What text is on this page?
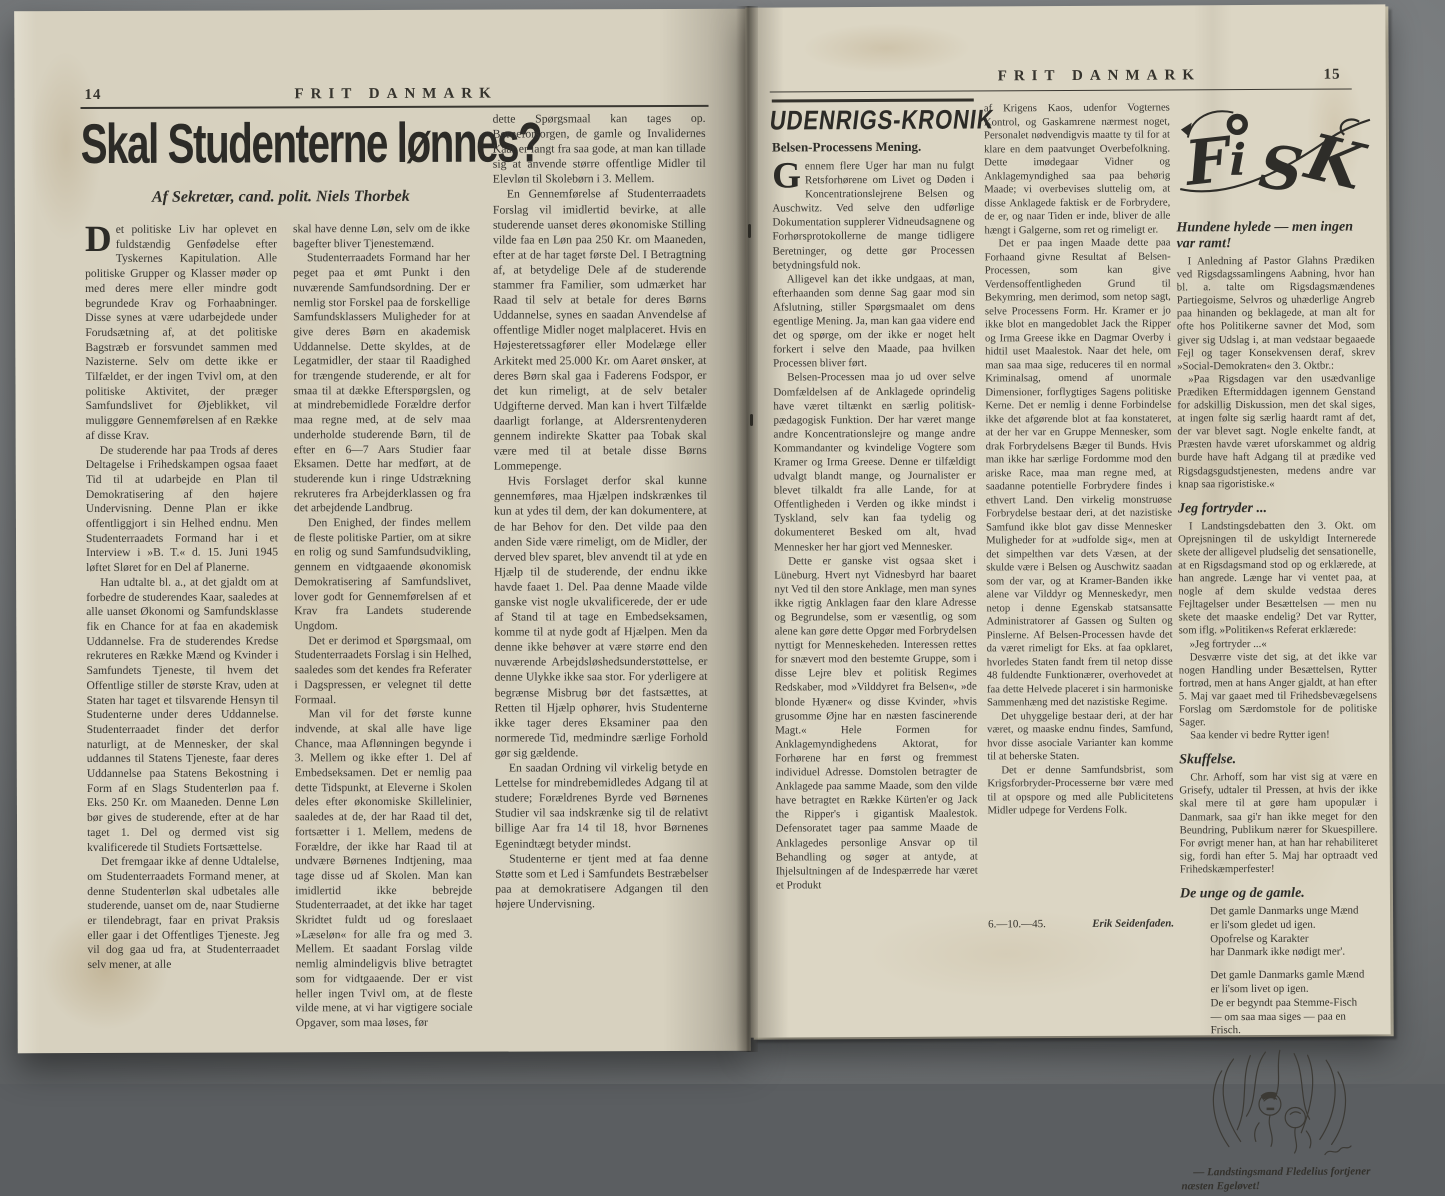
14	FRIT DANMARK
Skal Studenterne lønnes?
Af Sekretær, cand. polit. Niels Thorbek

Det politiske Liv har oplevet en fuldstændig Genfødelse efter Tyskernes Kapitulation. Alle politiske Grupper og Klasser møder op med deres mere eller mindre godt begrundede Krav og Forhaabninger. Disse synes at være udarbejdede under Forudsætning af, at det politiske Bagstræb er forsvundet sammen med Nazisterne. Selv om dette ikke er Tilfældet, er der ingen Tvivl om, at den politiske Aktivitet, der præger Samfundslivet for Øjeblikket, vil muliggøre Gennemførelsen af en Række af disse Krav.

De studerende har paa Trods af deres Deltagelse i Frihedskampen ogsaa faaet Tid til at udarbejde en Plan til Demokratisering af den højere Undervisning. Denne Plan er ikke offentliggjort i sin Helhed endnu. Men Studenterraadets Formand har i et Interview i »B. T.« d. 15. Juni 1945 løftet Sløret for en Del af Planerne.

Han udtalte bl. a., at det gjaldt om at forbedre de studerendes Kaar, saaledes at alle uanset Økonomi og Samfundsklasse fik en Chance for at faa en akademisk Uddannelse. Fra de studerendes Kredse rekruteres en Række Mænd og Kvinder i Samfundets Tjeneste, til hvem det Offentlige stiller de største Krav, uden at Staten har taget et tilsvarende Hensyn til Studenterne under deres Uddannelse. Studenterraadet finder det derfor naturligt, at de Mennesker, der skal uddannes til Statens Tjeneste, faar deres Uddannelse paa Statens Bekostning i Form af en Slags Studenterløn paa f. Eks. 250 Kr. om Maaneden. Denne Løn bør gives de studerende, efter at de har taget 1. Del og dermed vist sig kvalificerede til Studiets Fortsættelse.

Det fremgaar ikke af denne Udtalelse, om Studenterraadets Formand mener, at denne Studenterløn skal udbetales alle studerende, uanset om de, naar Studierne er tilendebragt, faar en privat Praksis eller gaar i det Offentliges Tjeneste. Jeg vil dog gaa ud fra, at Studenterraadet selv mener, at alle

skal have denne Løn, selv om de ikke bagefter bliver Tjenestemænd.

Studenterraadets Formand har her peget paa et ømt Punkt i den nuværende Samfundsordning. Der er nemlig stor Forskel paa de forskellige Samfundsklassers Muligheder for at give deres Børn en akademisk Uddannelse. Dette skyldes, at de Legatmidler, der staar til Raadighed for trængende studerende, er alt for smaa til at dække Efterspørgslen, og at mindrebemidlede Forældre derfor maa regne med, at de selv maa underholde studerende Børn, til de efter en 6—7 Aars Studier faar Eksamen. Dette har medført, at de studerende kun i ringe Udstrækning rekruteres fra Arbejderklassen og fra det arbejdende Landbrug.

Den Enighed, der findes mellem de fleste politiske Partier, om at sikre en rolig og sund Samfundsudvikling, gennem en vidtgaaende økonomisk Demokratisering af Samfundslivet, lover godt for Gennemførelsen af et Krav fra Landets studerende Ungdom.

Det er derimod et Spørgsmaal, om Studenterraadets Forslag i sin Helhed, saaledes som det kendes fra Referater i Dagspressen, er velegnet til dette Formaal.

Man vil for det første kunne indvende, at skal alle have lige Chance, maa Aflønningen begynde i 3. Mellem og ikke efter 1. Del af Embedseksamen. Det er nemlig paa dette Tidspunkt, at Eleverne i Skolen deles efter økonomiske Skillelinier, saaledes at de, der har Raad til det, fortsætter i 1. Mellem, medens de Forældre, der ikke har Raad til at undvære Børnenes Indtjening, maa tage disse ud af Skolen. Man kan imidlertid ikke bebrejde Studenterraadet, at det ikke har taget Skridtet fuldt ud og foreslaaet »Læseløn« for alle fra og med 3. Mellem. Et saadant Forslag vilde nemlig almindeligvis blive betragtet som for vidtgaaende. Der er vist heller ingen Tvivl om, at de fleste vilde mene, at vi har vigtigere sociale Opgaver, som maa løses, før

dette Spørgsmaal kan tages op. Børneforsorgen, de gamle og Invalidernes Kaar er langt fra saa gode, at man kan tillade sig at anvende større offentlige Midler til Elevløn til Skolebørn i 3. Mellem.

En Gennemførelse af Studenterraadets Forslag vil imidlertid bevirke, at alle studerende uanset deres økonomiske Stilling vilde faa en Løn paa 250 Kr. om Maaneden, efter at de har taget første Del. I Betragtning af, at betydelige Dele af de studerende stammer fra Familier, som udmærket har Raad til selv at betale for deres Børns Uddannelse, synes en saadan Anvendelse af offentlige Midler noget malplaceret. Hvis en Højesteretssagfører eller Modelæge eller Arkitekt med 25.000 Kr. om Aaret ønsker, at deres Børn skal gaa i Faderens Fodspor, er det kun rimeligt, at de selv betaler Udgifterne derved. Man kan i hvert Tilfælde daarligt forlange, at Aldersrentenyderen gennem indirekte Skatter paa Tobak skal være med til at betale disse Børns Lommepenge.

Hvis Forslaget derfor skal kunne gennemføres, maa Hjælpen indskrænkes til kun at ydes til dem, der kan dokumentere, at de har Behov for den. Det vilde paa den anden Side være rimeligt, om de Midler, der derved blev sparet, blev anvendt til at yde en Hjælp til de studerende, der endnu ikke havde faaet 1. Del. Paa denne Maade vilde ganske vist nogle ukvalificerede, der er ude af Stand til at tage en Embedseksamen, komme til at nyde godt af Hjælpen. Men da denne ikke behøver at være større end den nuværende Arbejdsløshedsunderstøttelse, er denne Ulykke ikke saa stor. For yderligere at begrænse Misbrug bør det fastsættes, at Retten til Hjælp ophører, hvis Studenterne ikke tager deres Eksaminer paa den normerede Tid, medmindre særlige Forhold gør sig gældende.

En saadan Ordning vil virkelig betyde en Lettelse for mindrebemidledes Adgang til at studere; Forældrenes Byrde ved Børnenes Studier vil saa indskrænke sig til de relativt billige Aar fra 14 til 18, hvor Børnenes Egenindtægt betyder mindst.

Studenterne er tjent med at faa denne Støtte som et Led i Samfundets Bestræbelser paa at demokratisere Adgangen til den højere Undervisning.

FRIT DANMARK	15
UDENRIGS-KRONIK
Belsen-Processens Mening.

Gennem flere Uger har man nu fulgt Retsforhørene om Livet og Døden i Koncentrationslejrene Belsen og Auschwitz. Ved selve den udførlige Dokumentation supplerer Vidneudsagnene og Forhørsprotokollerne de mange tidligere Beretninger, og dette gør Processen betydningsfuld nok.

Alligevel kan det ikke undgaas, at man, efterhaanden som denne Sag gaar mod sin Afslutning, stiller Spørgsmaalet om dens egentlige Mening. Ja, man kan gaa videre end det og spørge, om der ikke er noget helt forkert i selve den Maade, paa hvilken Processen bliver ført.

Belsen-Processen maa jo ud over selve Domfældelsen af de Anklagede oprindelig have været tiltænkt en særlig politisk-pædagogisk Funktion. Der har været mange andre Koncentrationslejre og mange andre Kommandanter og kvindelige Vogtere som Kramer og Irma Greese. Denne er tilfældigt udvalgt blandt mange, og Journalister er blevet tilkaldt fra alle Lande, for at Offentligheden i Verden og ikke mindst i Tyskland, selv kan faa tydelig og dokumenteret Besked om alt, hvad Mennesker her har gjort ved Mennesker.

Dette er ganske vist ogsaa sket i Lüneburg. Hvert nyt Vidnesbyrd har baaret nyt Ved til den store Anklage, men man synes ikke rigtig Anklagen faar den klare Adresse og Begrundelse, som er væsentlig, og som alene kan gøre dette Opgør med Forbrydelsen nyttigt for Menneskeheden. Interessen rettes for snævert mod den bestemte Gruppe, som i disse Lejre blev et politisk Regimes Redskaber, mod »Vilddyret fra Belsen«, »de blonde Hyæner« og disse Kvinder, »hvis grusomme Øjne har en næsten fascinerende Magt.« Hele Formen for Anklagemyndighedens Aktorat, for Forhørene har en først og fremmest individuel Adresse. Domstolen betragter de Anklagede paa samme Maade, som den vilde have betragtet en Række Kürten'er og Jack the Ripper's i gigantisk Maalestok. Defensoratet tager paa samme Maade de Anklagedes personlige Ansvar op til Behandling og søger at antyde, at Ihjelsultningen af de Indespærrede har været et Produkt

af Krigens Kaos, udenfor Vogternes Kontrol, og Gaskamrene nærmest noget, Personalet nødvendigvis maatte ty til for at klare en dem paatvunget Overbefolkning. Dette imødegaar Vidner og Anklagemyndighed saa paa behørig Maade; vi overbevises sluttelig om, at disse Anklagede faktisk er de Forbrydere, de er, og naar Tiden er inde, bliver de alle hængt i Galgerne, som ret og rimeligt er.

Det er paa ingen Maade dette paa Forhaand givne Resultat af Belsen-Processen, som kan give Verdensoffentligheden Grund til Bekymring, men derimod, som netop sagt, selve Processens Form. Hr. Kramer er jo ikke blot en mangedoblet Jack the Ripper og Irma Greese ikke en Dagmar Overby i hidtil uset Maalestok. Naar det hele, om man saa maa sige, reduceres til en normal Kriminalsag, omend af unormale Dimensioner, forflygtiges Sagens politiske Kerne. Det er nemlig i denne Forbindelse ikke det afgørende blot at faa konstateret, at der her var en Gruppe Mennesker, som drak Forbrydelsens Bæger til Bunds. Hvis man ikke har særlige Fordomme mod den ariske Race, maa man regne med, at saadanne potentielle Forbrydere findes i ethvert Land. Den virkelig monstruøse Forbrydelse bestaar deri, at det nazistiske Samfund ikke blot gav disse Mennesker Muligheder for at »udfolde sig«, men at det simpelthen var dets Væsen, at der skulde være i Belsen og Auschwitz saadan som der var, og at Kramer-Banden ikke alene var Vilddyr og Menneskedyr, men netop i denne Egenskab statsansatte Administratorer af Gassen og Sulten og Pinslerne. Af Belsen-Processen havde det da været rimeligt for Eks. at faa opklaret, hvorledes Staten fandt frem til netop disse 48 fuldendte Funktionærer, overhovedet at faa dette Helvede placeret i sin harmoniske Sammenhæng med det nazistiske Regime.

Det uhyggelige bestaar deri, at der har været, og maaske endnu findes, Samfund, hvor disse asociale Varianter kan komme til at beherske Staten.

Det er denne Samfundsbrist, som Krigsforbryder-Processerne bør være med til at opspore og med alle Publicitetens Midler udpege for Verdens Folk.

6.—10.—45.	Erik Seidenfaden.
F
i S
K
Hundene hylede — men ingen var ramt!

I Anledning af Pastor Glahns Prædiken ved Rigsdagssamlingens Aabning, hvor han bl. a. talte om Rigsdagsmændenes Partiegoisme, Selvros og uhæderlige Angreb paa hinanden og beklagede, at man alt for ofte hos Politikerne savner det Mod, som giver sig Udslag i, at man vedstaar begaaede Fejl og tager Konsekvensen deraf, skrev »Social-Demokraten« den 3. Oktbr.:

»Paa Rigsdagen var den usædvanlige Prædiken Eftermiddagen igennem Genstand for adskillig Diskussion, men det skal siges, at ingen følte sig særlig haardt ramt af det, der var blevet sagt. Nogle enkelte fandt, at Præsten havde været uforskammet og aldrig burde have haft Adgang til at prædike ved Rigsdagsgudstjenesten, medens andre var knap saa rigoristiske.«

Jeg fortryder ...

I Landstingsdebatten den 3. Okt. om Oprejsningen til de uskyldigt Internerede skete der alligevel pludselig det sensationelle, at en Rigsdagsmand stod op og erklærede, at han angrede. Længe har vi ventet paa, at nogle af dem skulde vedstaa deres Fejltagelser under Besættelsen — men nu skete det maaske endelig? Det var Rytter, som iflg. »Politiken«s Referat erklærede:

»Jeg fortryder ...«

Desværre viste det sig, at det ikke var nogen Handling under Besættelsen, Rytter fortrød, men at hans Anger gjaldt, at han efter 5. Maj var gaaet med til Frihedsbevægelsens Forslag om Særdomstole for de politiske Sager.

Saa kender vi bedre Rytter igen!

Skuffelse.

Chr. Arhoff, som har vist sig at være en Grisefy, udtaler til Pressen, at hvis der ikke skal mere til at gøre ham upopulær i Danmark, saa gi'r han ikke meget for den Beundring, Publikum nærer for Skuespillere. For øvrigt mener han, at han har rehabiliteret sig, fordi han efter 5. Maj har optraadt ved Frihedskæmperfester!

De unge og de gamle.

Det gamle Danmarks unge Mænd

er li'som gledet ud igen.

Opofrelse og Karakter

har Danmark ikke nødigt mer'.

Det gamle Danmarks gamle Mænd

er li'som livet op igen.

De er begyndt paa Stemme-Fisch

— om saa maa siges — paa en Frisch.

— Landstingsmand Fledelius fortjener næsten Egeløvet!
